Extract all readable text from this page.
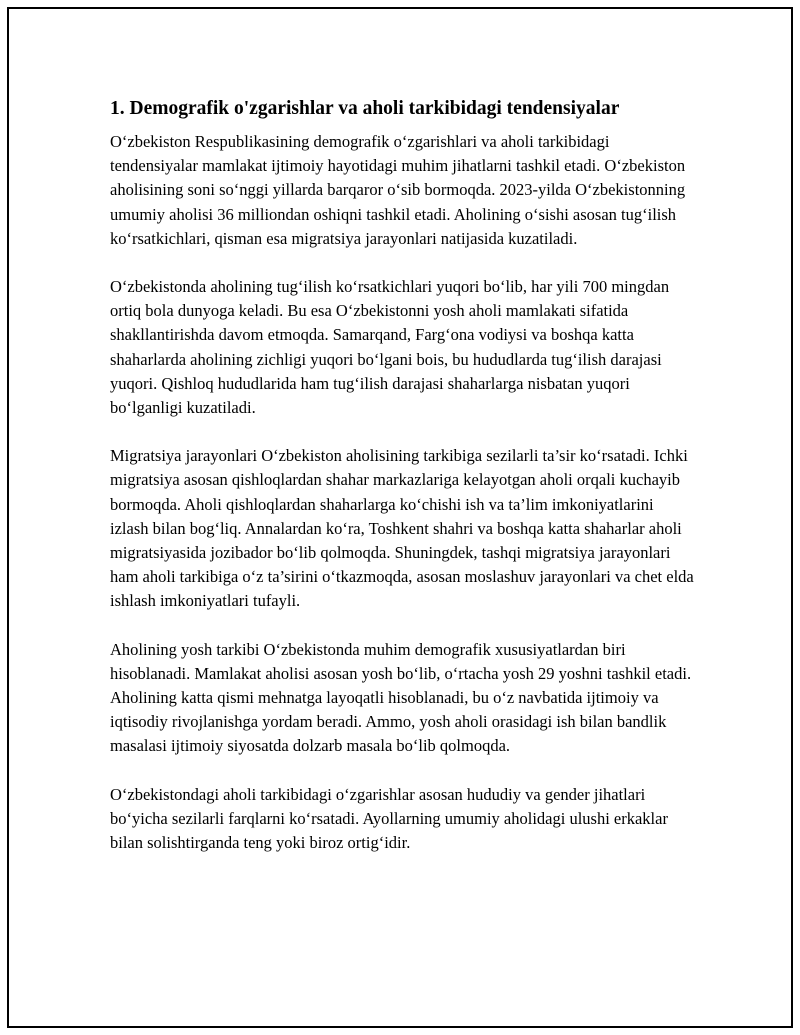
1. Demografik o'zgarishlar va aholi tarkibidagi tendensiyalar

O‘zbekiston Respublikasining demografik o‘zgarishlari va aholi tarkibidagi tendensiyalar mamlakat ijtimoiy hayotidagi muhim jihatlarni tashkil etadi. O‘zbekiston aholisining soni so‘nggi yillarda barqaror o‘sib bormoqda. 2023-yilda O‘zbekistonning umumiy aholisi 36 milliondan oshiqni tashkil etadi. Aholining o‘sishi asosan tug‘ilish ko‘rsatkichlari, qisman esa migratsiya jarayonlari natijasida kuzatiladi.

O‘zbekistonda aholining tug‘ilish ko‘rsatkichlari yuqori bo‘lib, har yili 700 mingdan ortiq bola dunyoga keladi. Bu esa O‘zbekistonni yosh aholi mamlakati sifatida shakllantirishda davom etmoqda. Samarqand, Farg‘ona vodiysi va boshqa katta shaharlarda aholining zichligi yuqori bo‘lgani bois, bu hududlarda tug‘ilish darajasi yuqori. Qishloq hududlarida ham tug‘ilish darajasi shaharlarga nisbatan yuqori bo‘lganligi kuzatiladi.

Migratsiya jarayonlari O‘zbekiston aholisining tarkibiga sezilarli ta’sir ko‘rsatadi. Ichki migratsiya asosan qishloqlardan shahar markazlariga kelayotgan aholi orqali kuchayib bormoqda. Aholi qishloqlardan shaharlarga ko‘chishi ish va ta’lim imkoniyatlarini izlash bilan bog‘liq. Annalardan ko‘ra, Toshkent shahri va boshqa katta shaharlar aholi migratsiyasida jozibador bo‘lib qolmoqda. Shuningdek, tashqi migratsiya jarayonlari ham aholi tarkibiga o‘z ta’sirini o‘tkazmoqda, asosan moslashuv jarayonlari va chet elda ishlash imkoniyatlari tufayli.

Aholining yosh tarkibi O‘zbekistonda muhim demografik xususiyatlardan biri hisoblanadi. Mamlakat aholisi asosan yosh bo‘lib, o‘rtacha yosh 29 yoshni tashkil etadi. Aholining katta qismi mehnatga layoqatli hisoblanadi, bu o‘z navbatida ijtimoiy va iqtisodiy rivojlanishga yordam beradi. Ammo, yosh aholi orasidagi ish bilan bandlik masalasi ijtimoiy siyosatda dolzarb masala bo‘lib qolmoqda.

O‘zbekistondagi aholi tarkibidagi o‘zgarishlar asosan hududiy va gender jihatlari bo‘yicha sezilarli farqlarni ko‘rsatadi. Ayollarning umumiy aholidagi ulushi erkaklar bilan solishtirganda teng yoki biroz ortig‘idir.
